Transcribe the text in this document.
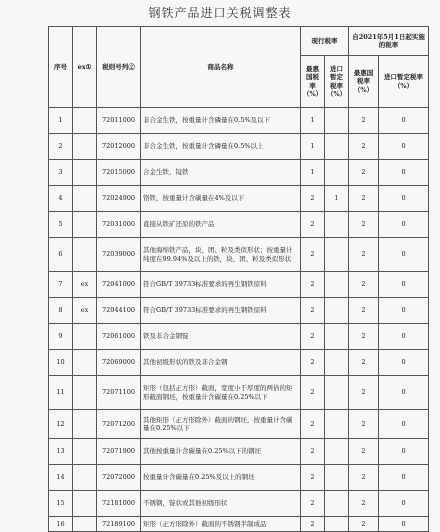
钢铁产品进口关税调整表
序号	ex①	税则号列②	商品名称	现行税率		自2021年5月1日起实施的税率	
				最惠国税率（%）	进口暂定税率（%）	最惠国税率（%）	进口暂定税率（%）
1		72011000	非合金生铁，按重量计含磷量在0.5%及以下	1		2	0
2		72012000	非合金生铁，按重量计含磷量在0.5%以上	1		2	0
3		72015000	合金生铁、镜铁	1		2	0
4		72024900	铬铁，按重量计含碳量在4%及以下	2	1	2	0
5		72031000	直接从铁矿还原的铁产品	2		2	0
6		72039000	其他海绵铁产品，块、团、粒及类似形状；按重量计纯度在99.94%及以上的铁，块、团、粒及类似形状	2		2	0
7	ex	72041000	符合GB/T 39733标准要求的再生钢铁原料	2		2	0
8	ex	72044100	符合GB/T 39733标准要求的再生钢铁原料	2		2	0
9		72061000	铁及非合金钢锭	2		2	0
10		72069000	其他初级形状的铁及非合金钢	2		2	0
11		72071100	矩形（包括正方形）截面，宽度小于厚度的两倍的矩形截面钢坯，按重量计含碳量在0.25%以下	2		2	0
12		72071200	其他矩形（正方形除外）截面的钢坯，按重量计含碳量在0.25%以下	2		2	0
13		72071900	其他按重量计含碳量在0.25%以下的钢坯	2		2	0
14		72072000	按重量计含碳量在0.25%及以上的钢坯	2		2	0
15		72181000	不锈钢，锭状或其他初级形状	2		2	0
16		72189100	矩形（正方形除外）截面的不锈钢半制成品	2		2	0
